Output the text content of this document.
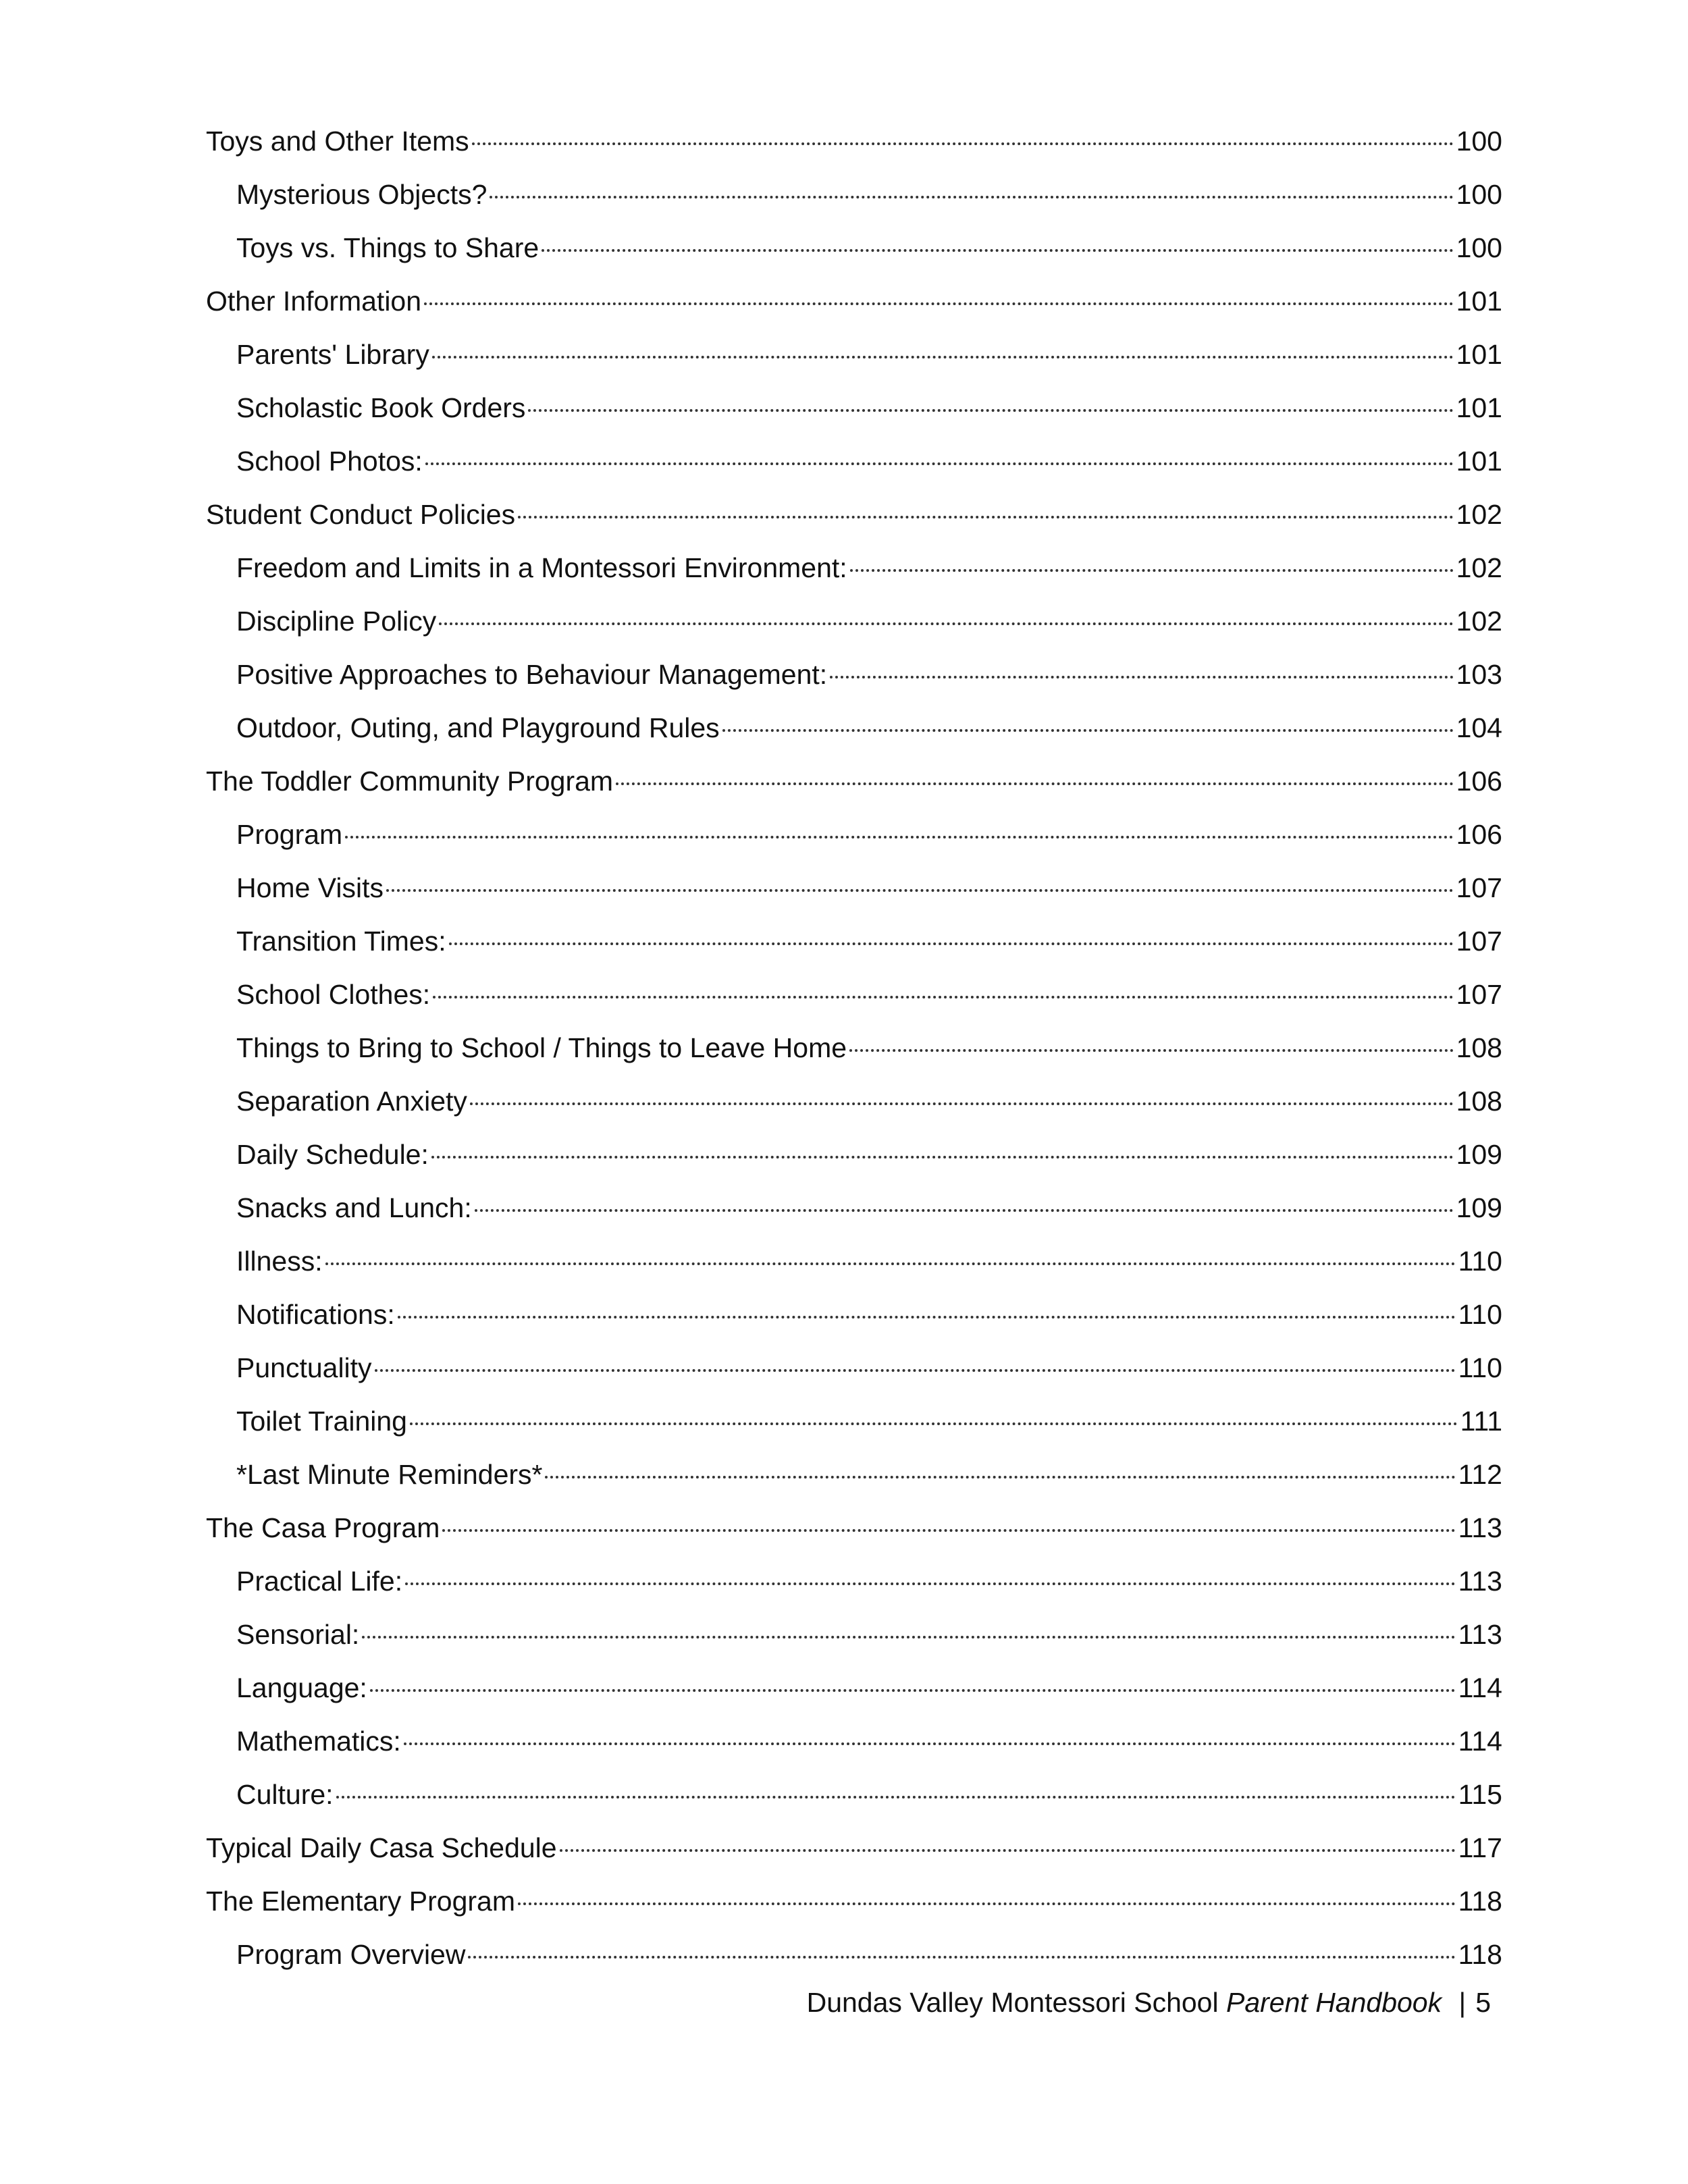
Toys and Other Items	100
Mysterious Objects?	100
Toys vs. Things to Share	100
Other Information	101
Parents' Library	101
Scholastic Book Orders	101
School Photos:	101
Student Conduct Policies	102
Freedom and Limits in a Montessori Environment:	102
Discipline Policy	102
Positive Approaches to Behaviour Management:	103
Outdoor, Outing, and Playground Rules	104
The Toddler Community Program	106
Program	106
Home Visits	107
Transition Times:	107
School Clothes:	107
Things to Bring to School / Things to Leave Home	108
Separation Anxiety	108
Daily Schedule:	109
Snacks and Lunch:	109
Illness:	110
Notifications:	110
Punctuality	110
Toilet Training	111
*Last Minute Reminders*	112
The Casa Program	113
Practical Life:	113
Sensorial:	113
Language:	114
Mathematics:	114
Culture:	115
Typical Daily Casa Schedule	117
The Elementary Program	118
Program Overview	118
Dundas Valley Montessori School Parent Handbook | 5
